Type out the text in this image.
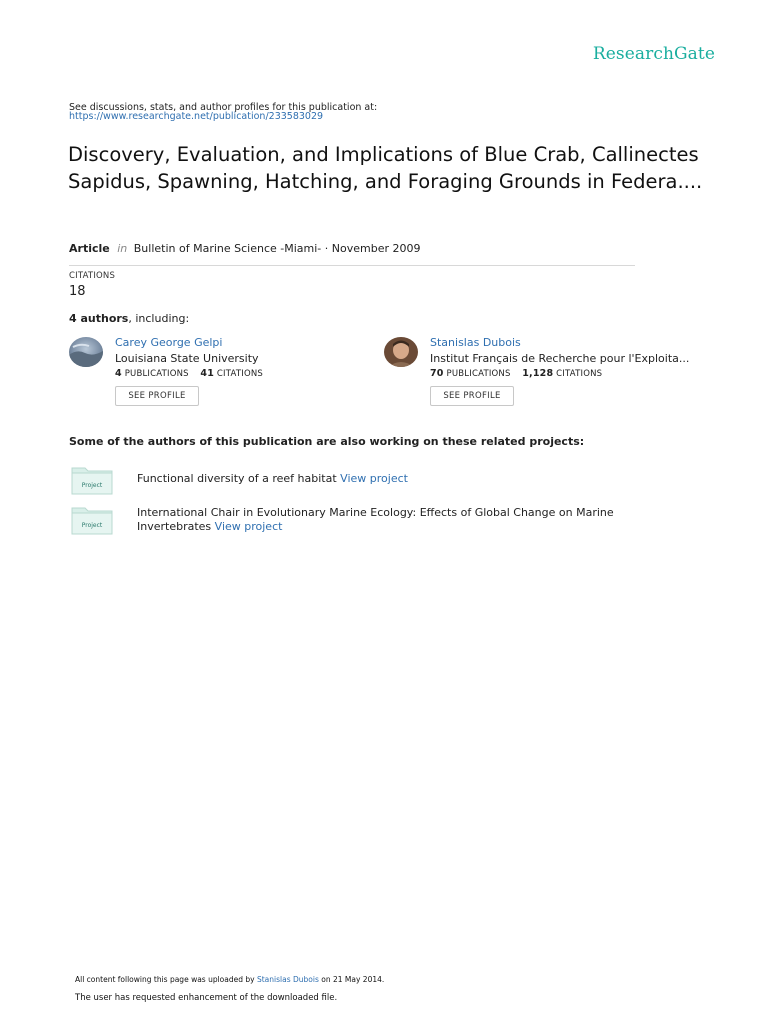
ResearchGate
See discussions, stats, and author profiles for this publication at:
https://www.researchgate.net/publication/233583029
Discovery, Evaluation, and Implications of Blue Crab, Callinectes Sapidus, Spawning, Hatching, and Foraging Grounds in Federa....
Article in Bulletin of Marine Science -Miami- · November 2009
CITATIONS
18
4 authors, including:
Carey George Gelpi
Louisiana State University
4 PUBLICATIONS 41 CITATIONS
SEE PROFILE
Stanislas Dubois
Institut Français de Recherche pour l'Exploita...
70 PUBLICATIONS 1,128 CITATIONS
SEE PROFILE
Some of the authors of this publication are also working on these related projects:
Project
Functional diversity of a reef habitat View project
Project
International Chair in Evolutionary Marine Ecology: Effects of Global Change on Marine Invertebrates View project
All content following this page was uploaded by Stanislas Dubois on 21 May 2014.
The user has requested enhancement of the downloaded file.
